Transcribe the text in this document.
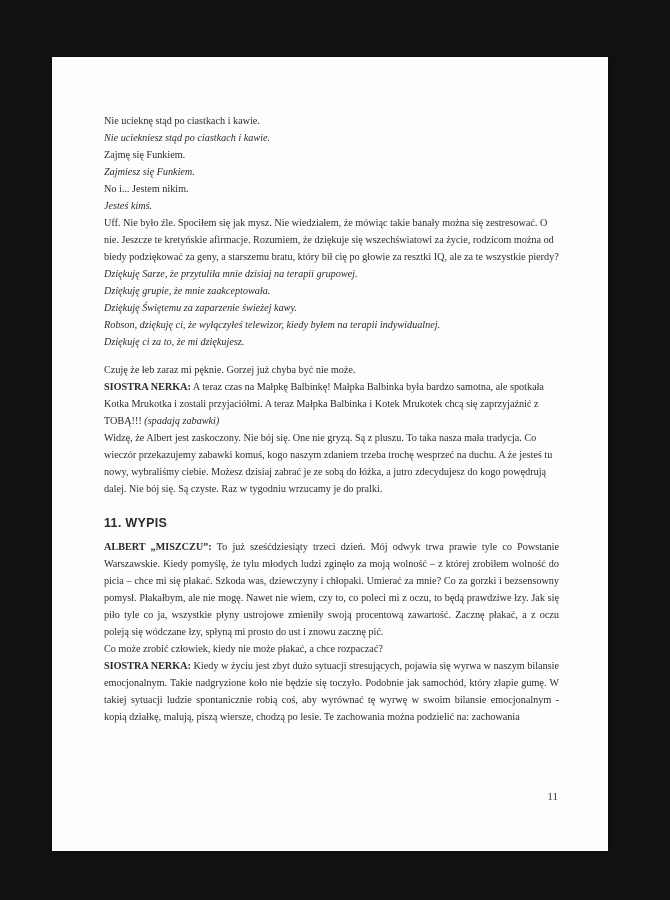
Nie ucieknę stąd po ciastkach i kawie.

Nie uciekniesz stąd po ciastkach i kawie.

Zajmę się Funkiem.

Zajmiesz się Funkiem.

No i... Jestem nikim.

Jesteś kimś.

Uff. Nie było źle. Spociłem się jak mysz. Nie wiedziałem, że mówiąc takie banały można się zestresować. O nie. Jeszcze te kretyńskie afirmacje. Rozumiem, że dziękuje się wszechświatowi za życie, rodzicom można od biedy podziękować za geny, a starszemu bratu, który bił cię po głowie za resztki IQ, ale za te wszystkie pierdy?

Dziękuję Sarze, że przytuliła mnie dzisiaj na terapii grupowej.

Dziękuję grupie, że mnie zaakceptowała.

Dziękuję Świętemu za zaparzenie świeżej kawy.

Robson, dziękuję ci, że wyłączyłeś telewizor, kiedy byłem na terapii indywidualnej.

Dziękuję ci za to, że mi dziękujesz.

Czuję że łeb zaraz mi pęknie. Gorzej już chyba być nie może.

SIOSTRA NERKA: A teraz czas na Małpkę Balbinkę! Małpka Balbinka była bardzo samotna, ale spotkała Kotka Mrukotka i zostali przyjaciółmi. A teraz Małpka Balbinka i Kotek Mrukotek chcą się zaprzyjaźnić z TOBĄ!!! (spadają zabawki)

Widzę, że Albert jest zaskoczony. Nie bój się. One nie gryzą. Są z pluszu. To taka nasza mała tradycja. Co wieczór przekazujemy zabawki komuś, kogo naszym zdaniem trzeba trochę wesprzeć na duchu. A że jesteś tu nowy, wybraliśmy ciebie. Możesz dzisiaj zabrać je ze sobą do łóżka, a jutro zdecydujesz do kogo powędrują dalej. Nie bój się. Są czyste. Raz w tygodniu wrzucamy je do pralki.

11. WYPIS

ALBERT „MISZCZU”: To już sześćdziesiąty trzeci dzień. Mój odwyk trwa prawie tyle co Powstanie Warszawskie. Kiedy pomyślę, że tylu młodych ludzi zginęło za moją wolność – z której zrobiłem wolność do picia – chce mi się płakać. Szkoda was, dziewczyny i chłopaki. Umierać za mnie? Co za gorzki i bezsensowny pomysł. Płakałbym, ale nie mogę. Nawet nie wiem, czy to, co poleci mi z oczu, to będą prawdziwe łzy. Jak się piło tyle co ja, wszystkie płyny ustrojowe zmieniły swoją procentową zawartość. Zacznę płakać, a z oczu poleją się wódczane łzy, spłyną mi prosto do ust i znowu zacznę pić.

Co może zrobić człowiek, kiedy nie może płakać, a chce rozpaczać?

SIOSTRA NERKA: Kiedy w życiu jest zbyt dużo sytuacji stresujących, pojawia się wyrwa w naszym bilansie emocjonalnym. Takie nadgryzione koło nie będzie się toczyło. Podobnie jak samochód, który złapie gumę. W takiej sytuacji ludzie spontanicznie robią coś, aby wyrównać tę wyrwę w swoim bilansie emocjonalnym - kopią działkę, malują, piszą wiersze, chodzą po lesie. Te zachowania można podzielić na: zachowania

11
